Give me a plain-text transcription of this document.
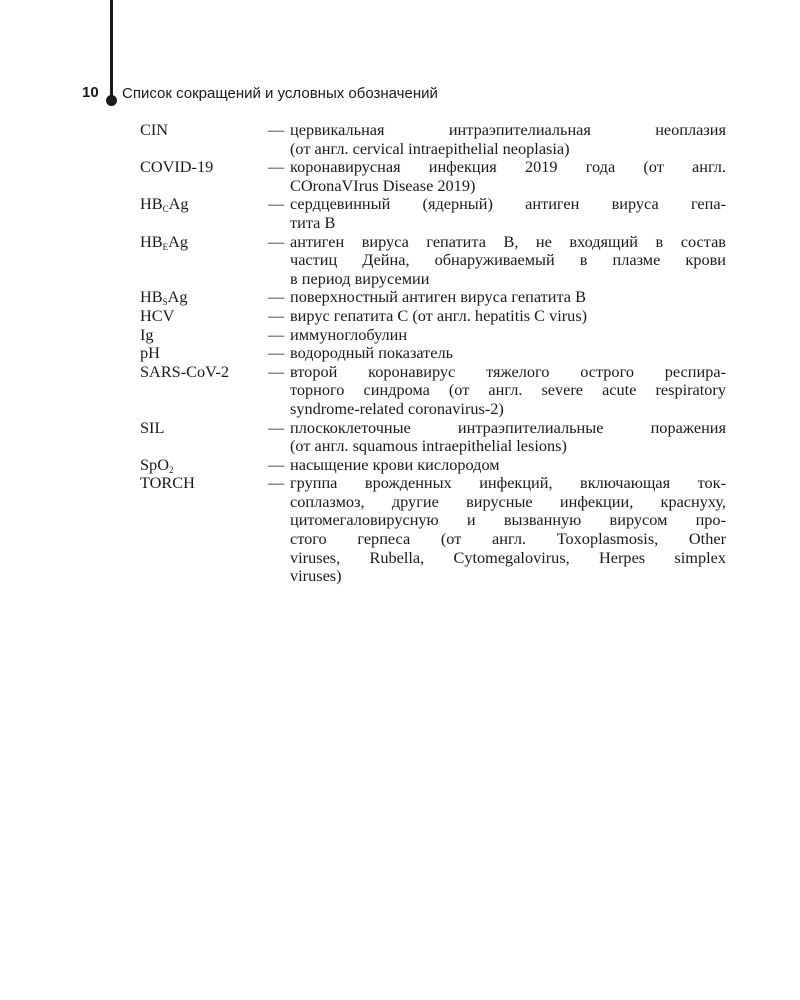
10 Список сокращений и условных обозначений
CIN	— цервикальная интраэпителиальная неоплазия
(от англ. cervical intraepithelial neoplasia)
COVID-19	— коронавирусная инфекция 2019 года (от англ.
COronaVIrus Disease 2019)
$HB_CAg$	— сердцевинный (ядерный) антиген вируса гепа-
тита В
$HB_EAg$	— антиген вируса гепатита В, не входящий в состав
частиц Дейна, обнаруживаемый в плазме крови
в период вирусемии
$HB_SAg$	— поверхностный антиген вируса гепатита В
HCV	— вирус гепатита С (от англ. hepatitis C virus)
Ig	— иммуноглобулин
pH	— водородный показатель
SARS-CoV-2	— второй коронавирус тяжелого острого респира-
торного синдрома (от англ. severe acute respiratory
syndrome-related coronavirus-2)
SIL	— плоскоклеточные интраэпителиальные поражения
(от англ. squamous intraepithelial lesions)
SpO$_2$	— насыщение крови кислородом
TORCH	— группа врожденных инфекций, включающая ток-
соплазмоз, другие вирусные инфекции, краснуху,
цитомегаловирусную и вызванную вирусом про-
стого герпеса (от англ. Toxoplasmosis, Other
viruses, Rubella, Cytomegalovirus, Herpes simplex
viruses)
